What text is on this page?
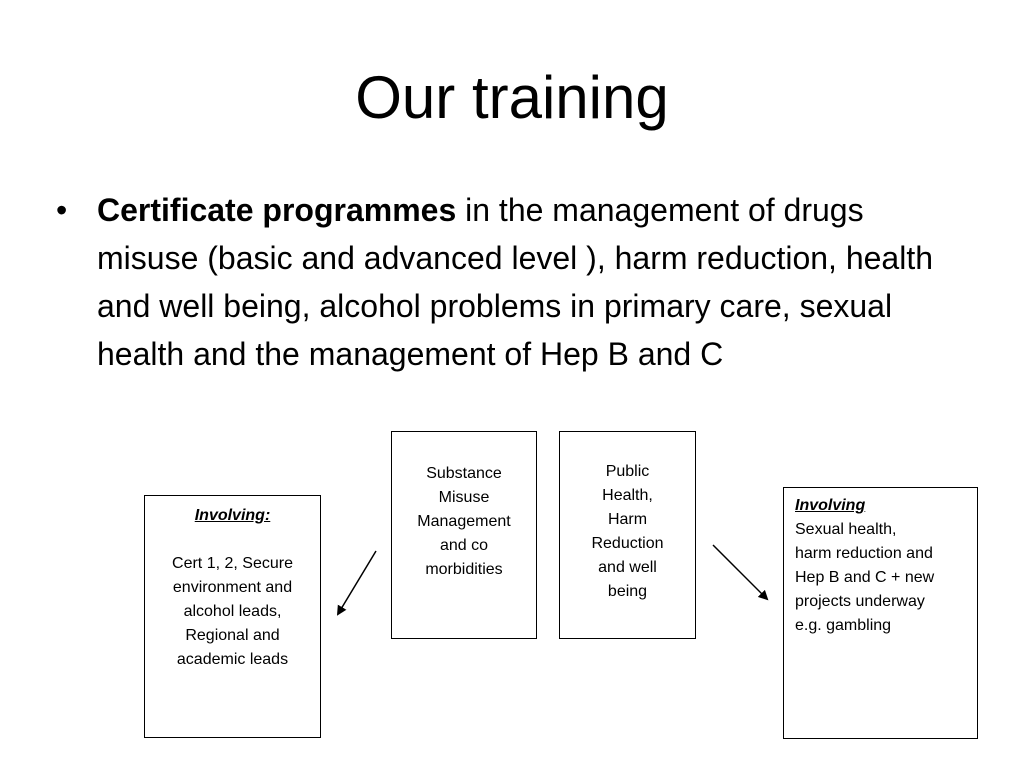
Our training
• Certificate programmes in the management of drugs misuse (basic and advanced level ), harm reduction, health and well being, alcohol problems in primary care, sexual health and the management of Hep B and C
Involving:
Cert 1, 2, Secure
environment and
alcohol leads,
Regional and
academic leads
Substance
Misuse
Management
and co
morbidities
Public
Health,
Harm
Reduction
and well
being
Involving
Sexual health,
harm reduction and
Hep B and C + new
projects underway
e.g. gambling
